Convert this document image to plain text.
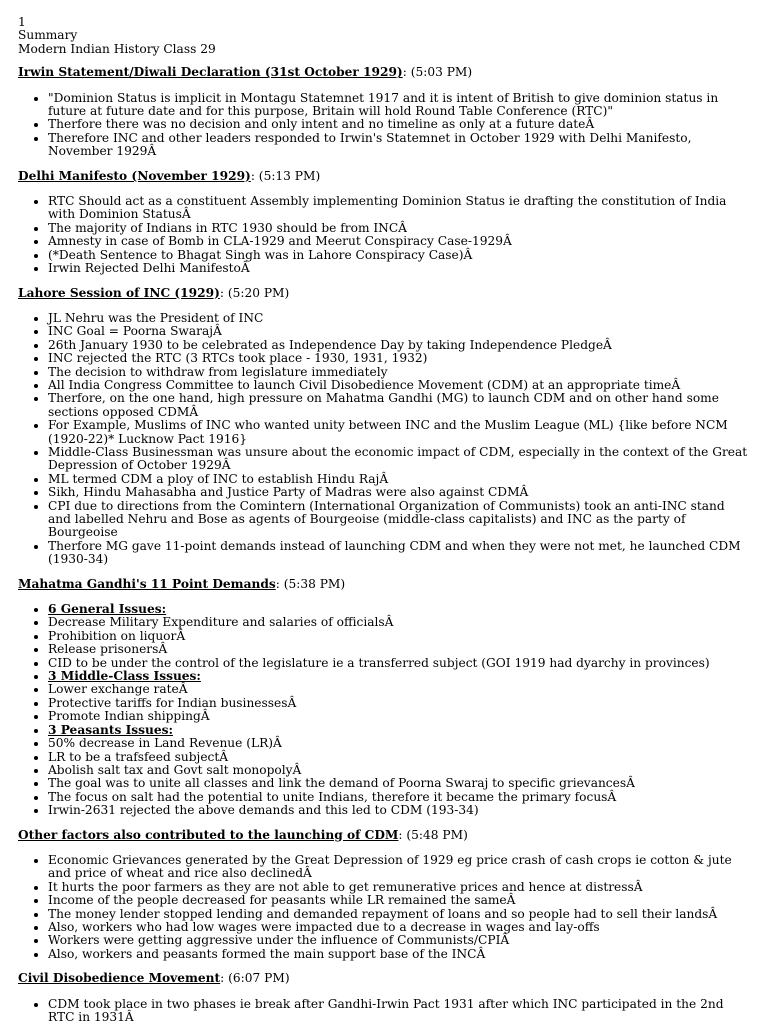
1
Summary
Modern Indian History Class 29
Irwin Statement/Diwali Declaration (31st October 1929): (5:03 PM)
• "Dominion Status is implicit in Montagu Statemnet 1917 and it is intent of British to give dominion status in future at future date and for this purpose, Britain will hold Round Table Conference (RTC)"
• Therfore there was no decision and only intent and no timeline as only at a future dateÂ
• Therefore INC and other leaders responded to Irwin's Statemnet in October 1929 with Delhi Manifesto, November 1929Â
Delhi Manifesto (November 1929): (5:13 PM)
• RTC Should act as a constituent Assembly implementing Dominion Status ie drafting the constitution of India with Dominion StatusÂ
• The majority of Indians in RTC 1930 should be from INCÂ
• Amnesty in case of Bomb in CLA-1929 and Meerut Conspiracy Case-1929Â
• (*Death Sentence to Bhagat Singh was in Lahore Conspiracy Case)Â
• Irwin Rejected Delhi ManifestoÂ
Lahore Session of INC (1929): (5:20 PM)
• JL Nehru was the President of INC
• INC Goal = Poorna SwarajÂ
• 26th January 1930 to be celebrated as Independence Day by taking Independence PledgeÂ
• INC rejected the RTC (3 RTCs took place - 1930, 1931, 1932)
• The decision to withdraw from legislature immediately
• All India Congress Committee to launch Civil Disobedience Movement (CDM) at an appropriate timeÂ
• Therfore, on the one hand, high pressure on Mahatma Gandhi (MG) to launch CDM and on other hand some sections opposed CDMÂ
• For Example, Muslims of INC who wanted unity between INC and the Muslim League (ML) {like before NCM (1920-22)* Lucknow Pact 1916}
• Middle-Class Businessman was unsure about the economic impact of CDM, especially in the context of the Great Depression of October 1929Â
• ML termed CDM a ploy of INC to establish Hindu RajÂ
• Sikh, Hindu Mahasabha and Justice Party of Madras were also against CDMÂ
• CPI due to directions from the Comintern (International Organization of Communists) took an anti-INC stand and labelled Nehru and Bose as agents of Bourgeoise (middle-class capitalists) and INC as the party of Bourgeoise
• Therfore MG gave 11-point demands instead of launching CDM and when they were not met, he launched CDM (1930-34)
Mahatma Gandhi's 11 Point Demands: (5:38 PM)
• 6 General Issues:
• Decrease Military Expenditure and salaries of officialsÂ
• Prohibition on liquorÂ
• Release prisonersÂ
• CID to be under the control of the legislature ie a transferred subject (GOI 1919 had dyarchy in provinces)
• 3 Middle-Class Issues:
• Lower exchange rateÂ
• Protective tariffs for Indian businessesÂ
• Promote Indian shippingÂ
• 3 Peasants Issues:
• 50% decrease in Land Revenue (LR)Â
• LR to be a trafsfeed subjectÂ
• Abolish salt tax and Govt salt monopolyÂ
• The goal was to unite all classes and link the demand of Poorna Swaraj to specific grievancesÂ
• The focus on salt had the potential to unite Indians, therefore it became the primary focusÂ
• Irwin-2631 rejected the above demands and this led to CDM (193-34)
Other factors also contributed to the launching of CDM: (5:48 PM)
• Economic Grievances generated by the Great Depression of 1929 eg price crash of cash crops ie cotton & jute and price of wheat and rice also declinedÂ
• It hurts the poor farmers as they are not able to get remunerative prices and hence at distressÂ
• Income of the people decreased for peasants while LR remained the sameÂ
• The money lender stopped lending and demanded repayment of loans and so people had to sell their landsÂ
• Also, workers who had low wages were impacted due to a decrease in wages and lay-offs
• Workers were getting aggressive under the influence of Communists/CPIÂ
• Also, workers and peasants formed the main support base of the INCÂ
Civil Disobedience Movement: (6:07 PM)
• CDM took place in two phases ie break after Gandhi-Irwin Pact 1931 after which INC participated in the 2nd RTC in 1931Â
